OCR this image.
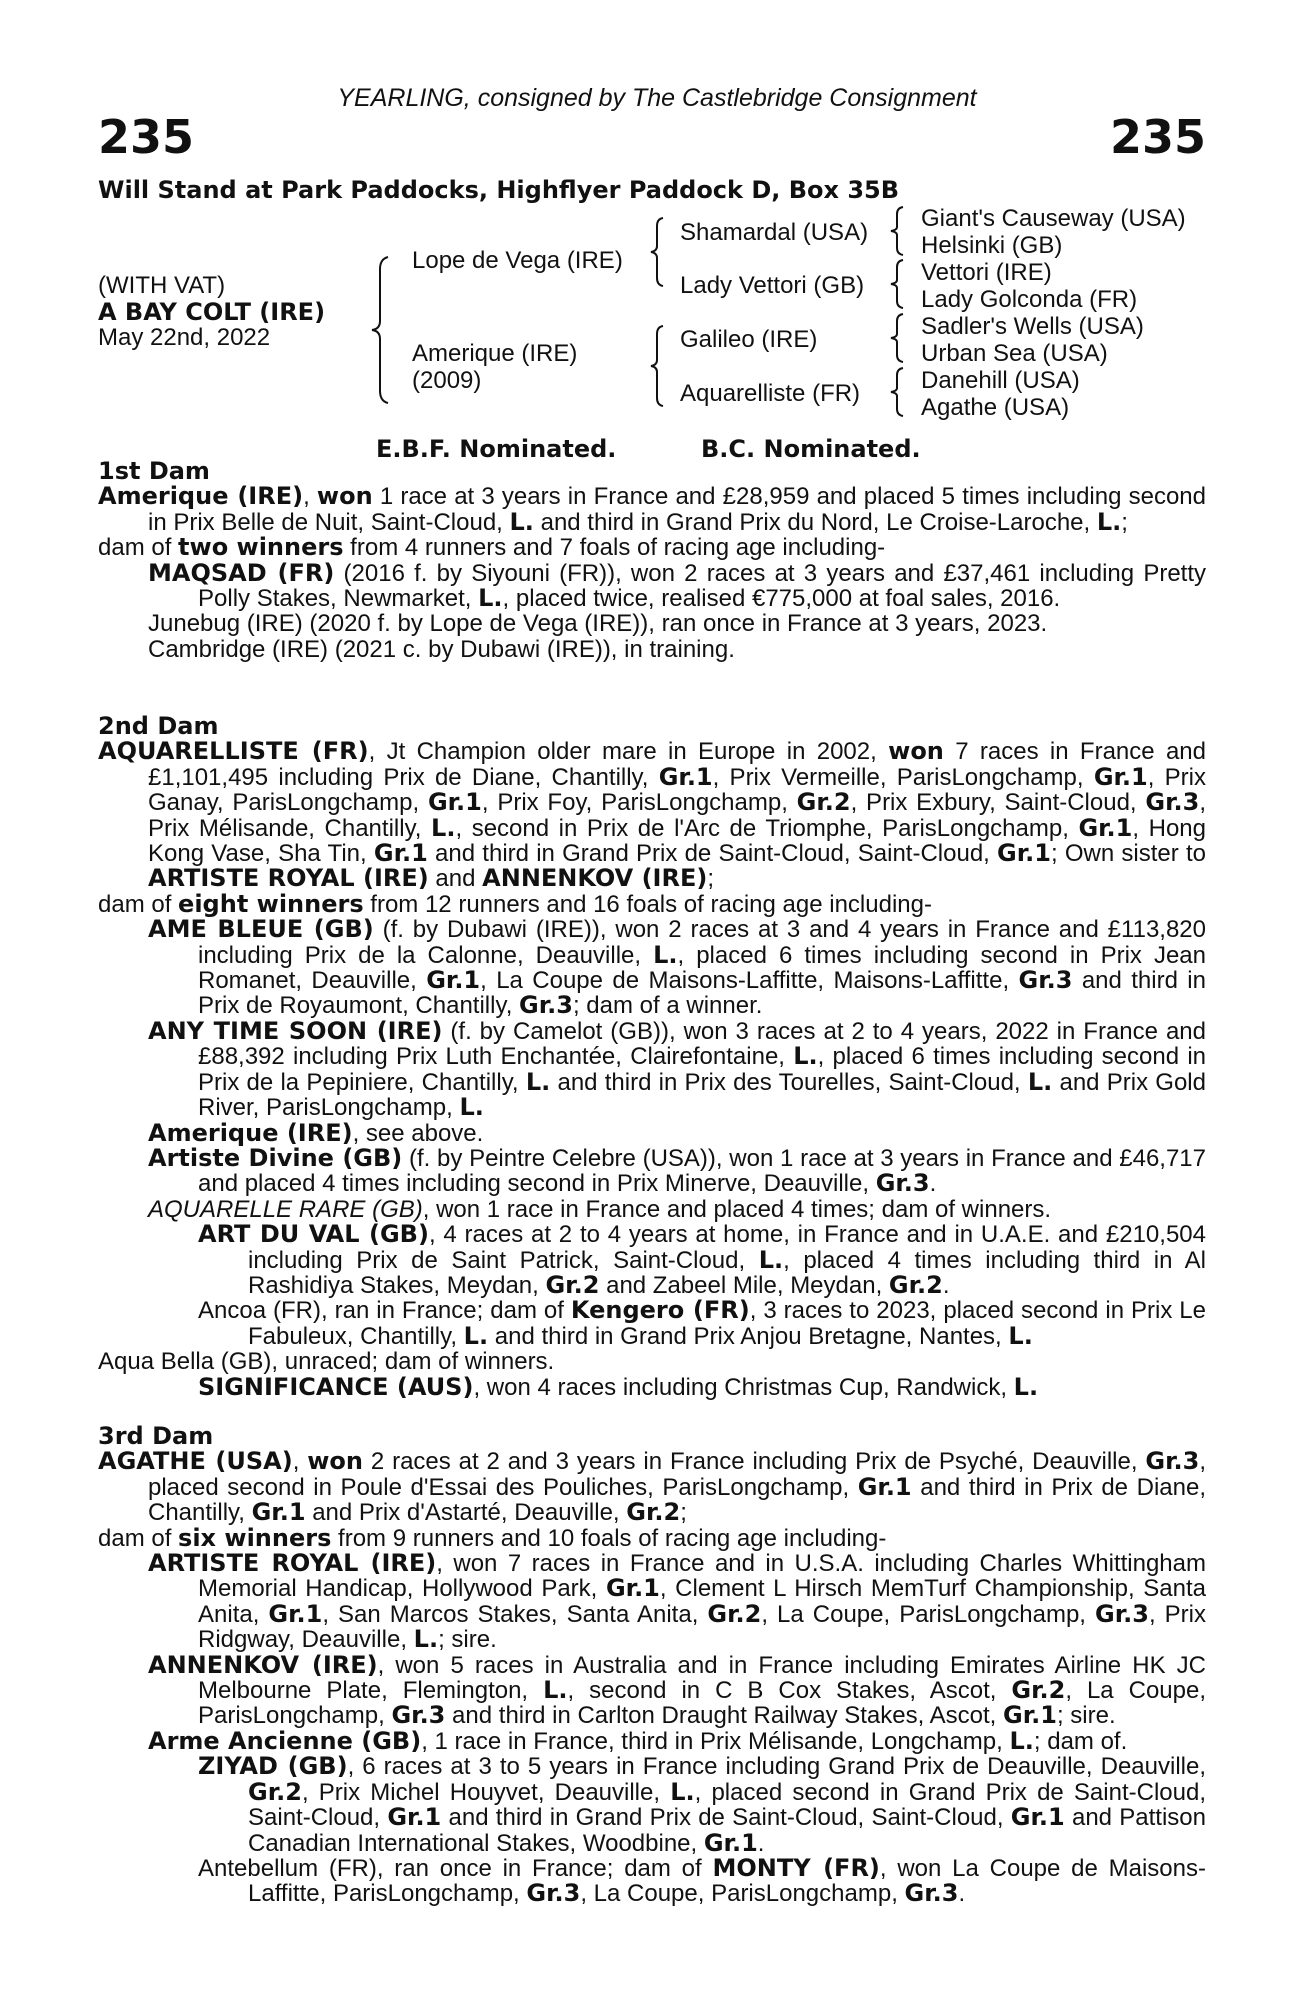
YEARLING, consigned by The Castlebridge Consignment
235	235
Will Stand at Park Paddocks, Highflyer Paddock D, Box 35B
(WITH VAT)
A BAY COLT (IRE)
May 22nd, 2022
Lope de Vega (IRE)
Amerique (IRE)
(2009)
Shamardal (USA)
Lady Vettori (GB)
Galileo (IRE)
Aquarelliste (FR)
Giant's Causeway (USA)
Helsinki (GB)
Vettori (IRE)
Lady Golconda (FR)
Sadler's Wells (USA)
Urban Sea (USA)
Danehill (USA)
Agathe (USA)
E.B.F. Nominated.	B.C. Nominated.
1st Dam

Amerique (IRE), won 1 race at 3 years in France and £28,959 and placed 5 times including second in Prix Belle de Nuit, Saint-Cloud, L. and third in Grand Prix du Nord, Le Croise-Laroche, L.;

dam of two winners from 4 runners and 7 foals of racing age including-

MAQSAD (FR) (2016 f. by Siyouni (FR)), won 2 races at 3 years and £37,461 including Pretty Polly Stakes, Newmarket, L., placed twice, realised €775,000 at foal sales, 2016.

Junebug (IRE) (2020 f. by Lope de Vega (IRE)), ran once in France at 3 years, 2023.

Cambridge (IRE) (2021 c. by Dubawi (IRE)), in training.

2nd Dam

AQUARELLISTE (FR), Jt Champion older mare in Europe in 2002, won 7 races in France and £1,101,495 including Prix de Diane, Chantilly, Gr.1, Prix Vermeille, ParisLongchamp, Gr.1, Prix Ganay, ParisLongchamp, Gr.1, Prix Foy, ParisLongchamp, Gr.2, Prix Exbury, Saint-Cloud, Gr.3, Prix Mélisande, Chantilly, L., second in Prix de l'Arc de Triomphe, ParisLongchamp, Gr.1, Hong Kong Vase, Sha Tin, Gr.1 and third in Grand Prix de Saint-Cloud, Saint-Cloud, Gr.1; Own sister to ARTISTE ROYAL (IRE) and ANNENKOV (IRE);

dam of eight winners from 12 runners and 16 foals of racing age including-

AME BLEUE (GB) (f. by Dubawi (IRE)), won 2 races at 3 and 4 years in France and £113,820 including Prix de la Calonne, Deauville, L., placed 6 times including second in Prix Jean Romanet, Deauville, Gr.1, La Coupe de Maisons-Laffitte, Maisons-Laffitte, Gr.3 and third in Prix de Royaumont, Chantilly, Gr.3; dam of a winner.

ANY TIME SOON (IRE) (f. by Camelot (GB)), won 3 races at 2 to 4 years, 2022 in France and £88,392 including Prix Luth Enchantée, Clairefontaine, L., placed 6 times including second in Prix de la Pepiniere, Chantilly, L. and third in Prix des Tourelles, Saint-Cloud, L. and Prix Gold River, ParisLongchamp, L.

Amerique (IRE), see above.

Artiste Divine (GB) (f. by Peintre Celebre (USA)), won 1 race at 3 years in France and £46,717 and placed 4 times including second in Prix Minerve, Deauville, Gr.3.

AQUARELLE RARE (GB), won 1 race in France and placed 4 times; dam of winners.

ART DU VAL (GB), 4 races at 2 to 4 years at home, in France and in U.A.E. and £210,504 including Prix de Saint Patrick, Saint-Cloud, L., placed 4 times including third in Al Rashidiya Stakes, Meydan, Gr.2 and Zabeel Mile, Meydan, Gr.2.

Ancoa (FR), ran in France; dam of Kengero (FR), 3 races to 2023, placed second in Prix Le Fabuleux, Chantilly, L. and third in Grand Prix Anjou Bretagne, Nantes, L.

Aqua Bella (GB), unraced; dam of winners.

SIGNIFICANCE (AUS), won 4 races including Christmas Cup, Randwick, L.

3rd Dam

AGATHE (USA), won 2 races at 2 and 3 years in France including Prix de Psyché, Deauville, Gr.3, placed second in Poule d'Essai des Pouliches, ParisLongchamp, Gr.1 and third in Prix de Diane, Chantilly, Gr.1 and Prix d'Astarté, Deauville, Gr.2;

dam of six winners from 9 runners and 10 foals of racing age including-

ARTISTE ROYAL (IRE), won 7 races in France and in U.S.A. including Charles Whittingham Memorial Handicap, Hollywood Park, Gr.1, Clement L Hirsch MemTurf Championship, Santa Anita, Gr.1, San Marcos Stakes, Santa Anita, Gr.2, La Coupe, ParisLongchamp, Gr.3, Prix Ridgway, Deauville, L.; sire.

ANNENKOV (IRE), won 5 races in Australia and in France including Emirates Airline HK JC Melbourne Plate, Flemington, L., second in C B Cox Stakes, Ascot, Gr.2, La Coupe, ParisLongchamp, Gr.3 and third in Carlton Draught Railway Stakes, Ascot, Gr.1; sire.

Arme Ancienne (GB), 1 race in France, third in Prix Mélisande, Longchamp, L.; dam of.

ZIYAD (GB), 6 races at 3 to 5 years in France including Grand Prix de Deauville, Deauville, Gr.2, Prix Michel Houyvet, Deauville, L., placed second in Grand Prix de Saint-Cloud, Saint-Cloud, Gr.1 and third in Grand Prix de Saint-Cloud, Saint-Cloud, Gr.1 and Pattison Canadian International Stakes, Woodbine, Gr.1.

Antebellum (FR), ran once in France; dam of MONTY (FR), won La Coupe de Maisons-Laffitte, ParisLongchamp, Gr.3, La Coupe, ParisLongchamp, Gr.3.
